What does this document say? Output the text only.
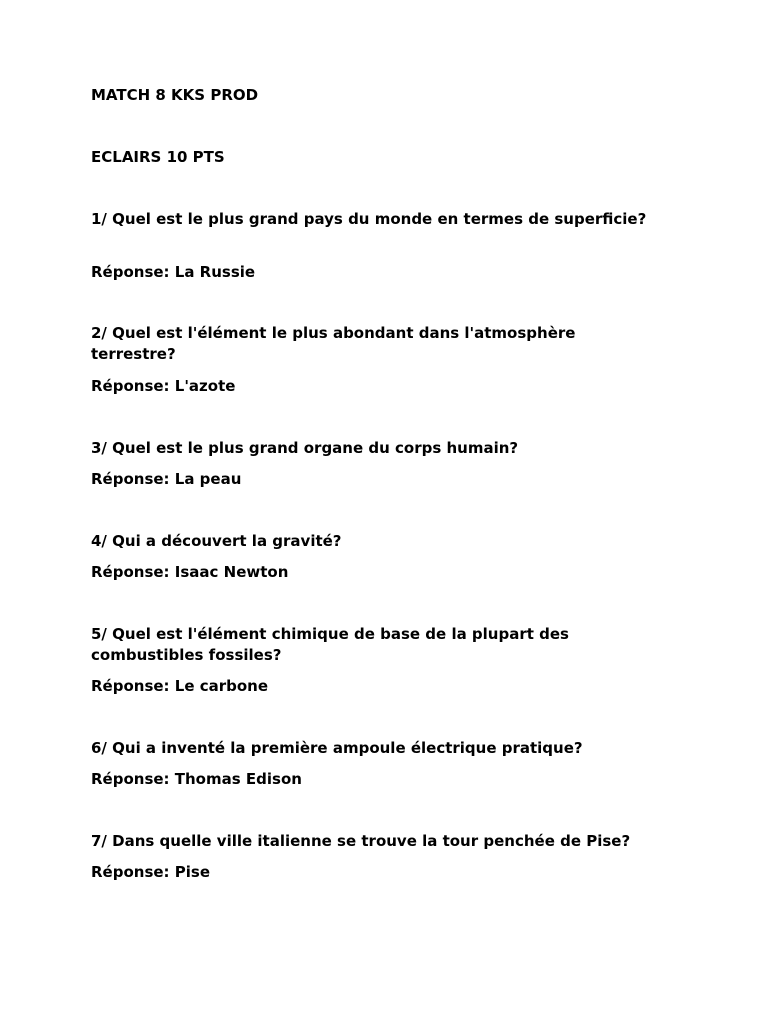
MATCH 8 KKS PROD

ECLAIRS 10 PTS

1/ Quel est le plus grand pays du monde en termes de superficie?

Réponse: La Russie

2/ Quel est l'élément le plus abondant dans l'atmosphère terrestre?

Réponse: L'azote

3/ Quel est le plus grand organe du corps humain?

Réponse: La peau

4/ Qui a découvert la gravité?

Réponse: Isaac Newton

5/ Quel est l'élément chimique de base de la plupart des combustibles fossiles?

Réponse: Le carbone

6/ Qui a inventé la première ampoule électrique pratique?

Réponse: Thomas Edison

7/ Dans quelle ville italienne se trouve la tour penchée de Pise?

Réponse: Pise
